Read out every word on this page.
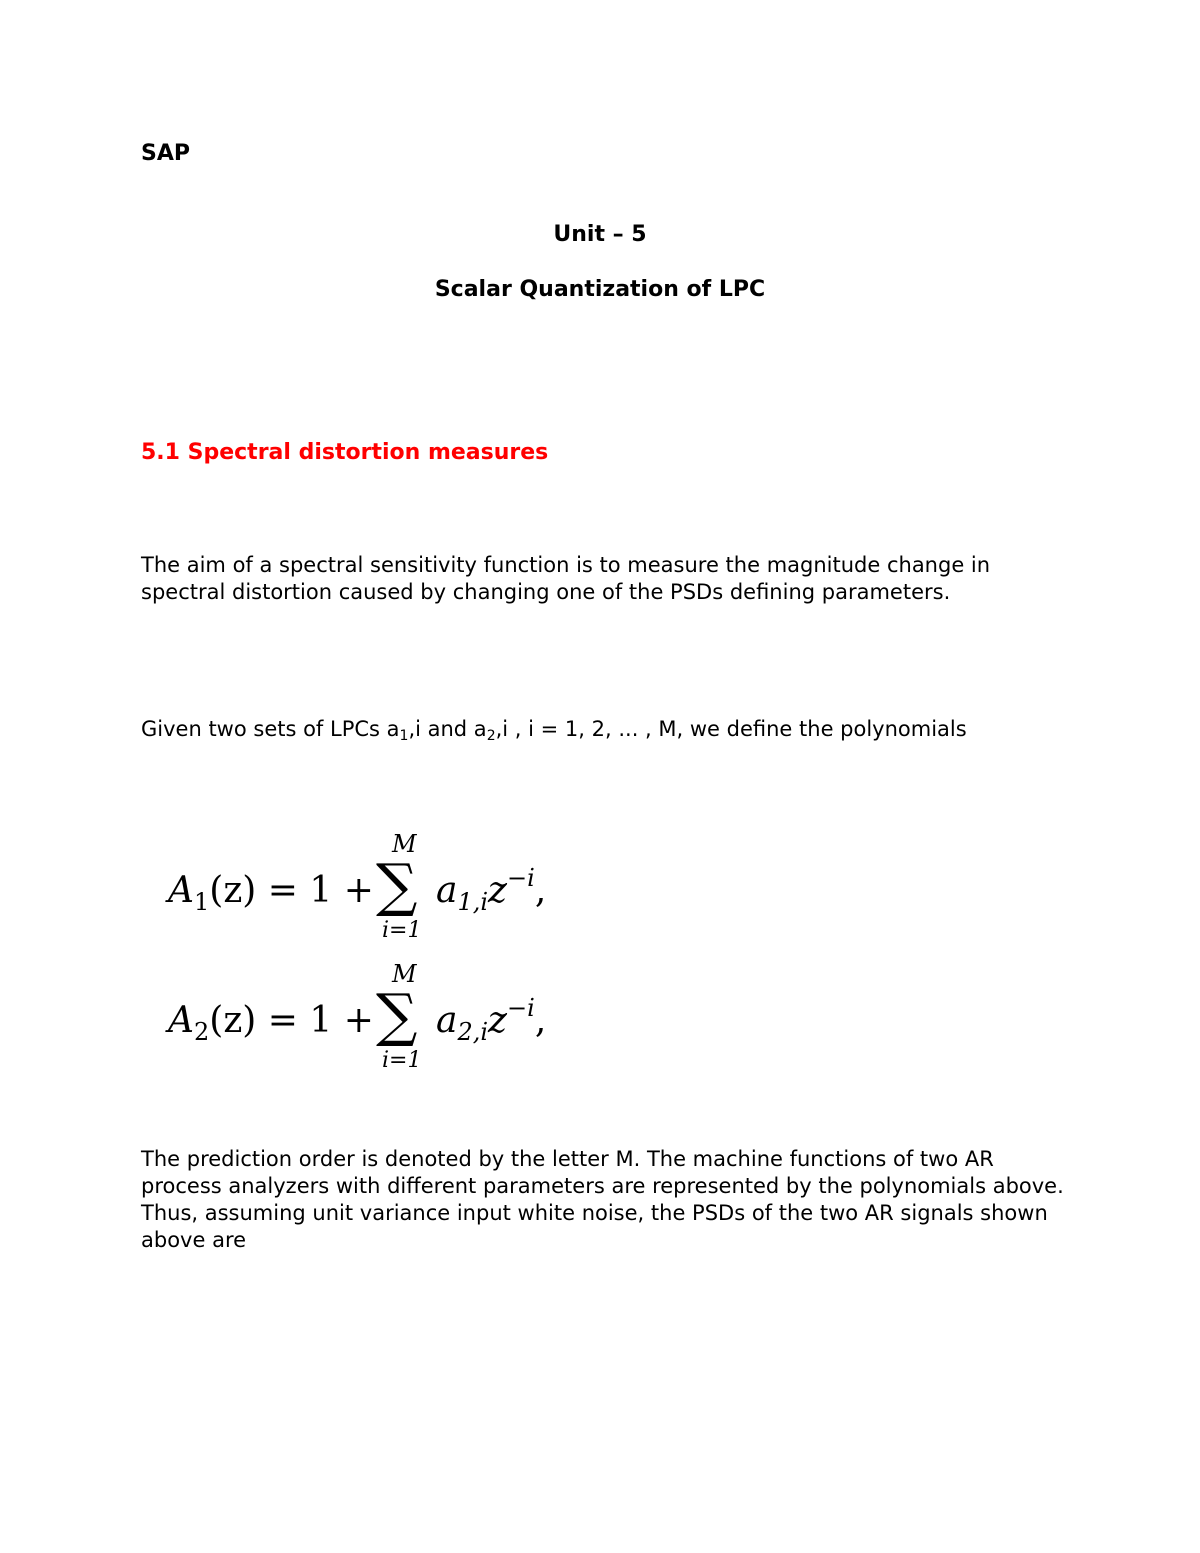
SAP
Unit – 5
Scalar Quantization of LPC
5.1 Spectral distortion measures
The aim of a spectral sensitivity function is to measure the magnitude change in spectral distortion caused by changing one of the PSDs defining parameters.
Given two sets of LPCs $a_1,i$ and $a_2,i$ , i = 1, 2, ... , M, we define the polynomials
$A_1(z) = 1$ +
M
∑
i=1
$a_{1,i}z^{-i}$,
$A_2(z) = 1$ +
M
∑
i=1
$a_{2,i}z^{-i}$,
The prediction order is denoted by the letter M. The machine functions of two AR process analyzers with different parameters are represented by the polynomials above. Thus, assuming unit variance input white noise, the PSDs of the two AR signals shown above are
